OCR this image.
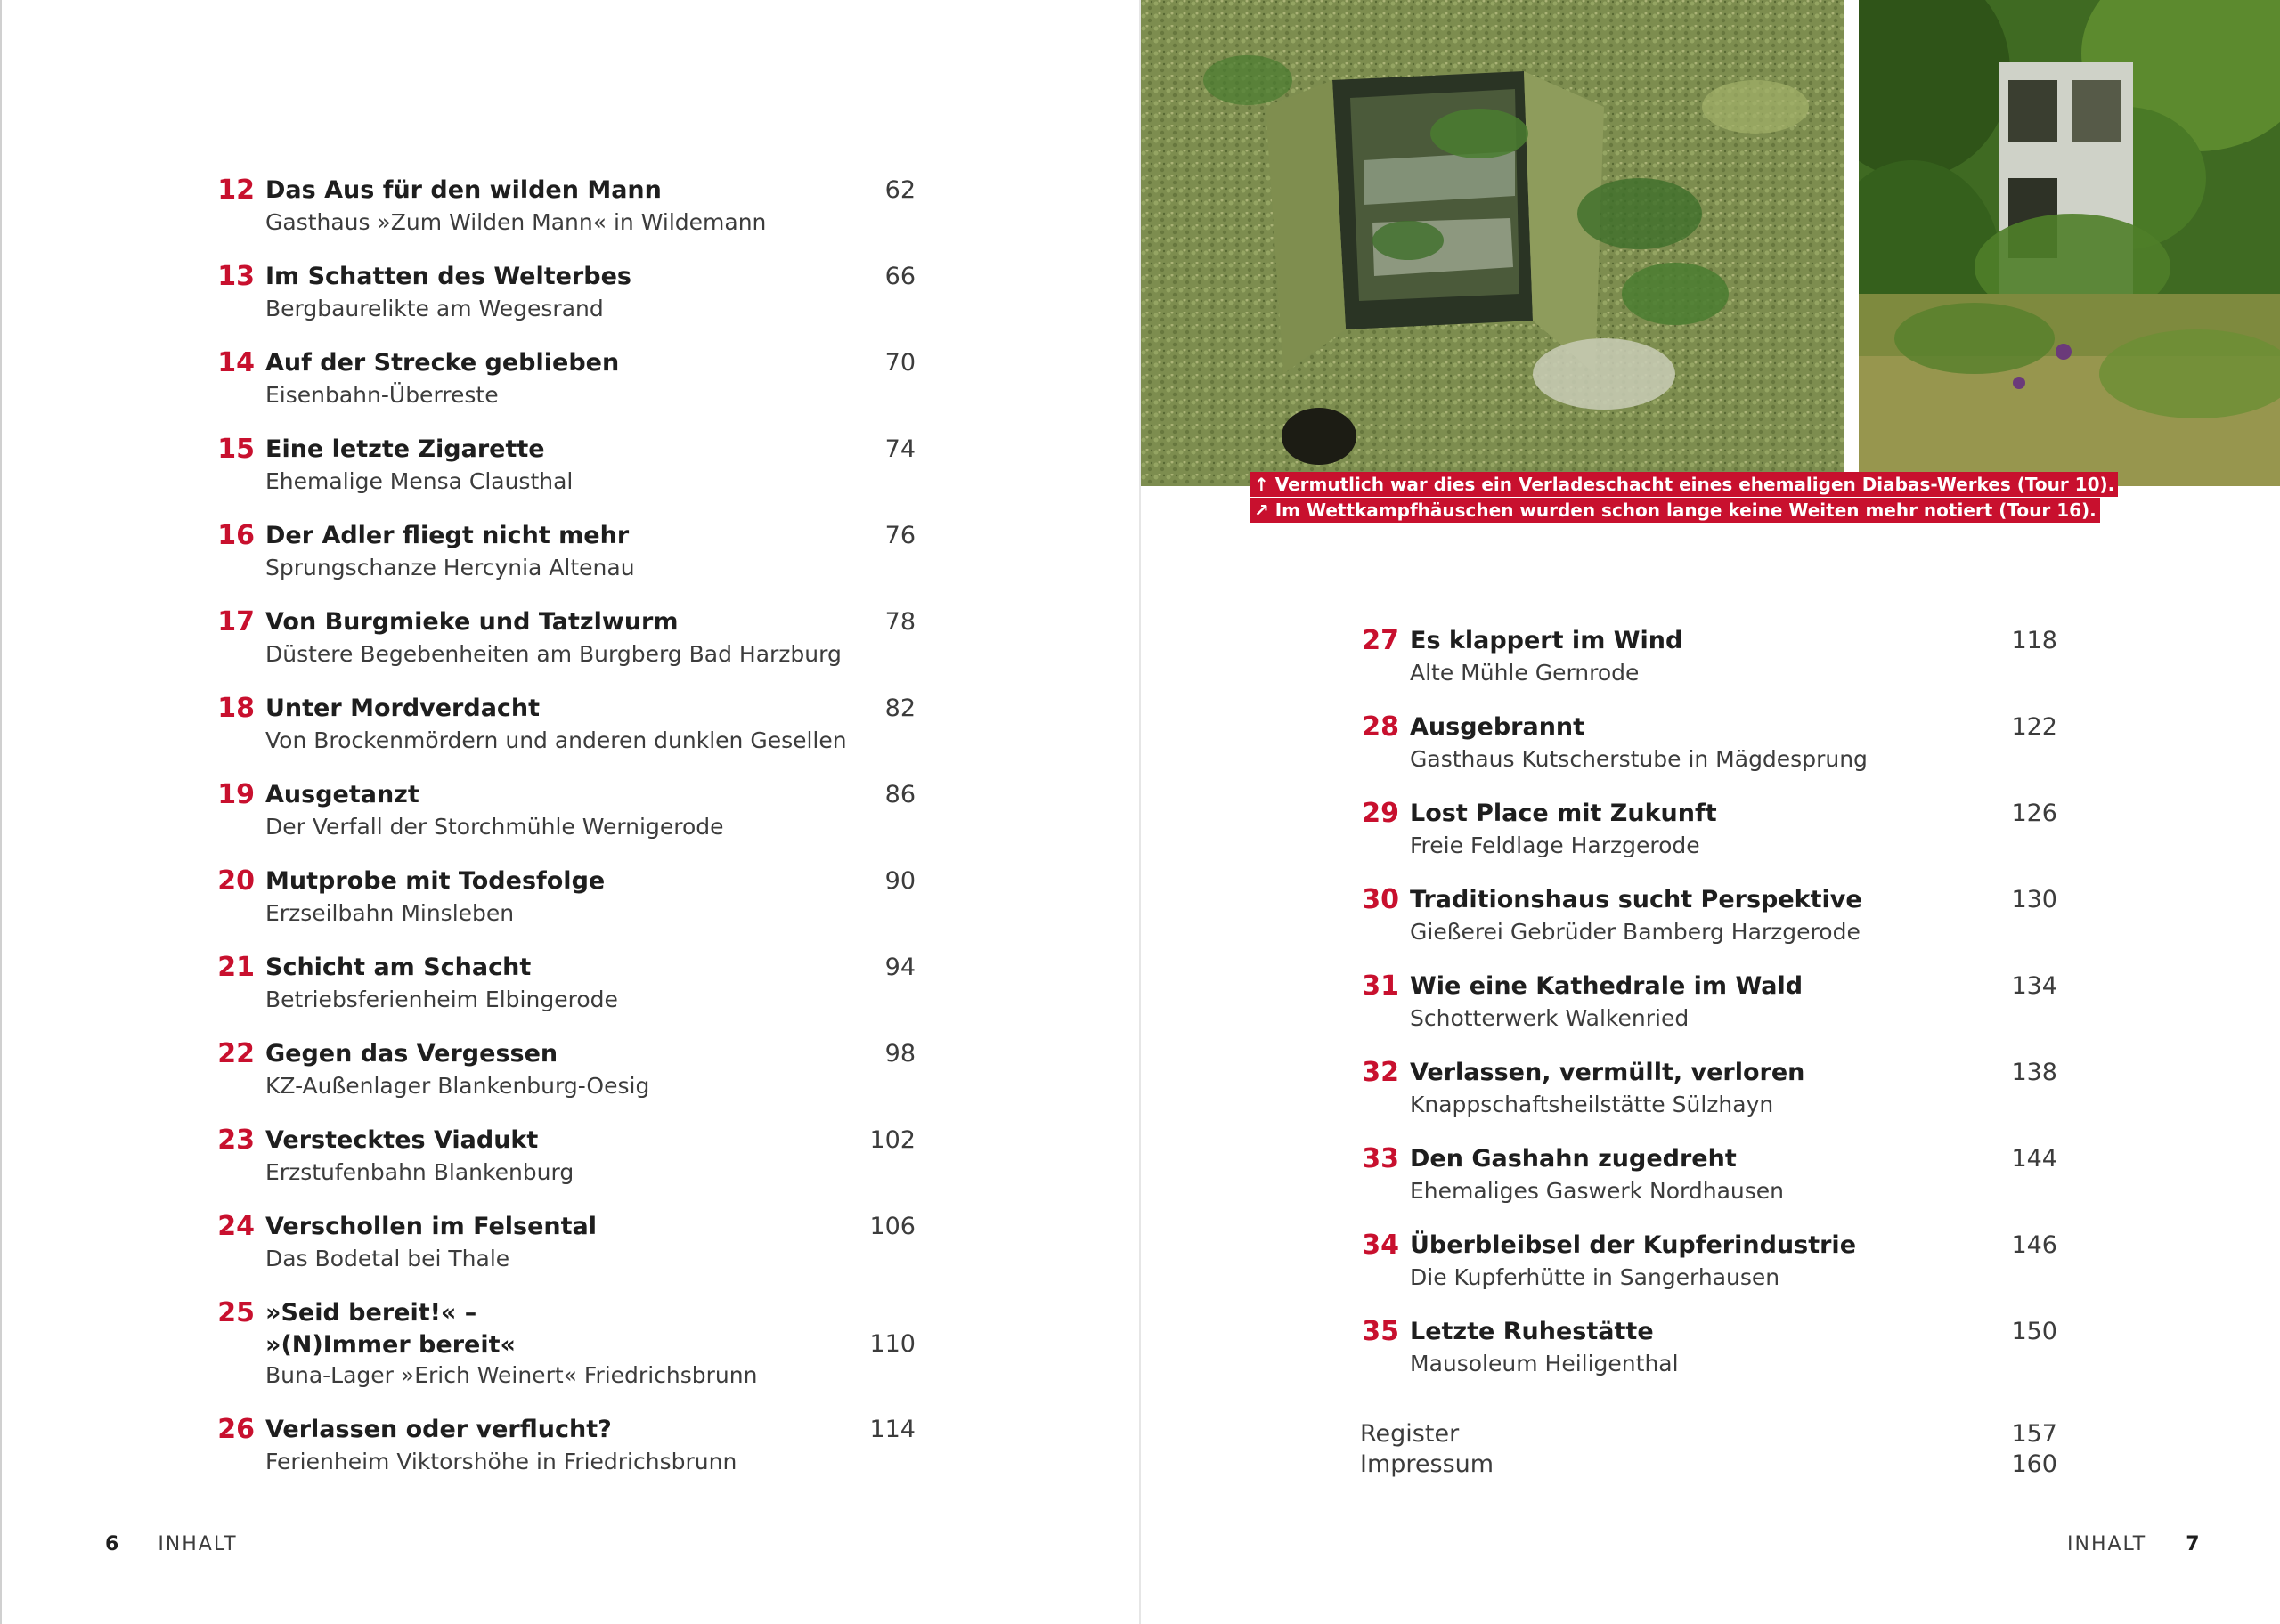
12 Das Aus für den wilden Mann
Gasthaus »Zum Wilden Mann« in Wildemann
62
13 Im Schatten des Welterbes
Bergbaurelikte am Wegesrand
66
14 Auf der Strecke geblieben
Eisenbahn-Überreste
70
15 Eine letzte Zigarette
Ehemalige Mensa Clausthal
74
16 Der Adler fliegt nicht mehr
Sprungschanze Hercynia Altenau
76
17 Von Burgmieke und Tatzlwurm
Düstere Begebenheiten am Burgberg Bad Harzburg
78
18 Unter Mordverdacht
Von Brockenmördern und anderen dunklen Gesellen
82
19 Ausgetanzt
Der Verfall der Storchmühle Wernigerode
86
20 Mutprobe mit Todesfolge
Erzseilbahn Minsleben
90
21 Schicht am Schacht
Betriebsferienheim Elbingerode
94
22 Gegen das Vergessen
KZ-Außenlager Blankenburg-Oesig
98
23 Verstecktes Viadukt
Erzstufenbahn Blankenburg
102
24 Verschollen im Felsental
Das Bodetal bei Thale
106
25 »Seid bereit!« –
»(N)Immer bereit«
Buna-Lager »Erich Weinert« Friedrichsbrunn
110
26 Verlassen oder verflucht?
Ferienheim Viktorshöhe in Friedrichsbrunn
114
6 INHALT
↑ Vermutlich war dies ein Verladeschacht eines ehemaligen Diabas-Werkes (Tour 10).
↗ Im Wettkampfhäuschen wurden schon lange keine Weiten mehr notiert (Tour 16).
27 Es klappert im Wind
Alte Mühle Gernrode
118
28 Ausgebrannt
Gasthaus Kutscherstube in Mägdesprung
122
29 Lost Place mit Zukunft
Freie Feldlage Harzgerode
126
30 Traditionshaus sucht Perspektive
Gießerei Gebrüder Bamberg Harzgerode
130
31 Wie eine Kathedrale im Wald
Schotterwerk Walkenried
134
32 Verlassen, vermüllt, verloren
Knappschaftsheilstätte Sülzhayn
138
33 Den Gashahn zugedreht
Ehemaliges Gaswerk Nordhausen
144
34 Überbleibsel der Kupferindustrie
Die Kupferhütte in Sangerhausen
146
35 Letzte Ruhestätte
Mausoleum Heiligenthal
150
Register	157
Impressum	160
INHALT 7
